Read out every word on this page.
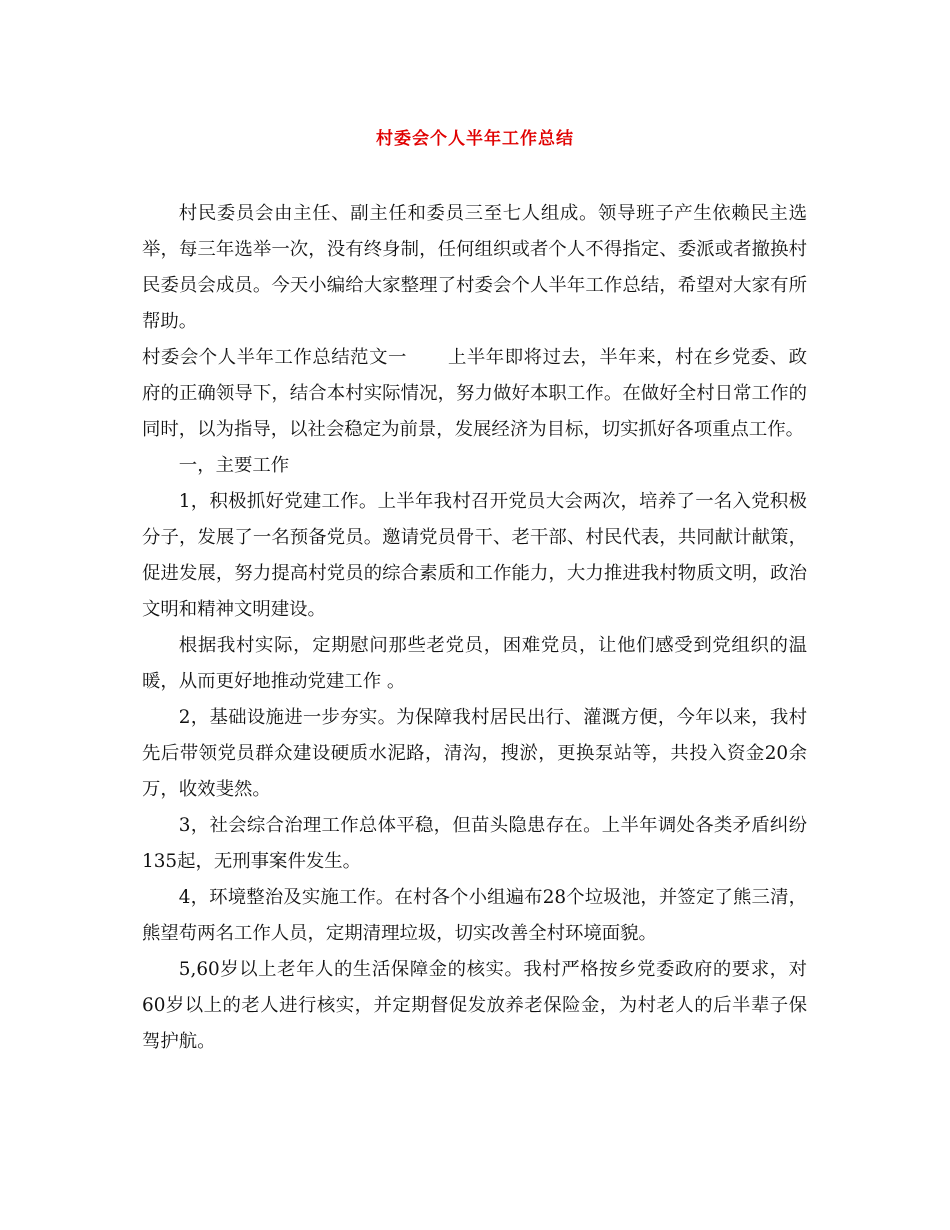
村委会个人半年工作总结

村民委员会由主任、副主任和委员三至七人组成。领导班子产生依赖民主选举，每三年选举一次，没有终身制，任何组织或者个人不得指定、委派或者撤换村民委员会成员。今天小编给大家整理了村委会个人半年工作总结，希望对大家有所帮助。

村委会个人半年工作总结范文一 上半年即将过去，半年来，村在乡党委、政府的正确领导下，结合本村实际情况，努力做好本职工作。在做好全村日常工作的同时，以为指导，以社会稳定为前景，发展经济为目标，切实抓好各项重点工作。

一，主要工作

1，积极抓好党建工作。上半年我村召开党员大会两次，培养了一名入党积极分子，发展了一名预备党员。邀请党员骨干、老干部、村民代表，共同献计献策，促进发展，努力提高村党员的综合素质和工作能力，大力推进我村物质文明，政治文明和精神文明建设。

根据我村实际，定期慰问那些老党员，困难党员，让他们感受到党组织的温暖，从而更好地推动党建工作 。

2，基础设施进一步夯实。为保障我村居民出行、灌溉方便，今年以来，我村先后带领党员群众建设硬质水泥路，清沟，搜淤，更换泵站等，共投入资金20余万，收效斐然。

3，社会综合治理工作总体平稳，但苗头隐患存在。上半年调处各类矛盾纠纷135起，无刑事案件发生。

4，环境整治及实施工作。在村各个小组遍布28个垃圾池，并签定了熊三清，熊望苟两名工作人员，定期清理垃圾，切实改善全村环境面貌。

5,60岁以上老年人的生活保障金的核实。我村严格按乡党委政府的要求，对60岁以上的老人进行核实，并定期督促发放养老保险金，为村老人的后半辈子保驾护航。
